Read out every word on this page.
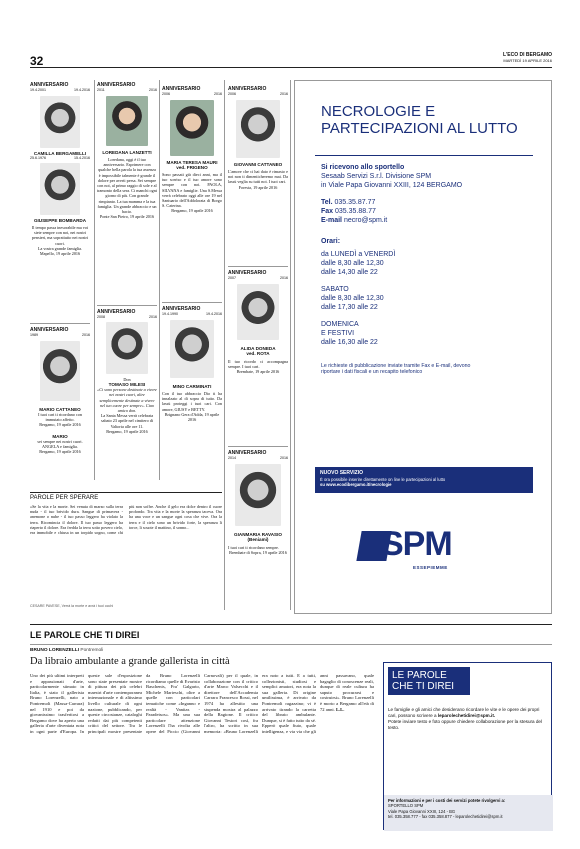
32	L'ECO DI BERGAMO
MARTEDÌ 19 APRILE 2016
ANNIVERSARIO
19.4.2001	19.4.2016
CAMILLA BERGAMELLI
25.6.1976	15.4.2016
GIUSEPPE BOMBARDA
Il tempo passa inesorabile ma voi siete sempre con noi, nei nostri pensieri, ma soprattutto nei nostri cuori.
La vostra grande famiglia.
Mapello, 19 aprile 2016
ANNIVERSARIO
1989	2016
MARIO CATTANEO
I tuoi cari ti ricordano con immutato affetto.
Bergamo, 19 aprile 2016
MARIO
sei sempre nei nostri cuori. ANGELA e famiglia.
Bergamo, 19 aprile 2016
ANNIVERSARIO
2011	2016
LOREDANA LANZETTI
Loredana, oggi è il tuo anniversario. Esprimere con qualche bella parola la tua assenza è impossibile talmente è grande il dolore per averti persa. Sei sempre con noi, al primo raggio di sole e al tramonto della sera. Ci manchi ogni giorno di più. Con grande rimpianto. La tua mamma e la tua famiglia. Un grande abbraccio e un bacio.
Ponte San Pietro, 19 aprile 2016
ANNIVERSARIO
2008	2016
Don
TOMASO MILESI
«Ci sono persone destinate a vivere nei nostri cuori, altre semplicemente destinate a vivere nel tuo cuore per sempre». Ciao amico don.
La Santa Messa verrà celebrata sabato 23 aprile nel cimitero di Valtorta alle ore 11.
Bergamo, 19 aprile 2016
ANNIVERSARIO
2006	2016
MARIA TERESA MAURI
ved. FRIGENO
Sono passati già dieci anni, ma il tuo sorriso e il tuo amore sono sempre con noi. PAOLA, SILVANA e famiglie. Una S.Messa verrà celebrato oggi alle ore 19 nel Santuario dell'Addolorata di Borgo S. Caterina.
Bergamo, 19 aprile 2016
ANNIVERSARIO
19.4.1990	19.4.2016
MINO CARMINATI
Con il tuo abbraccio Dio ti ha innalzato al di sopra di tutto. Da lassù proteggi i tuoi cari. Con amore, GIUSY e BETTY.
Brignano Gera d'Adda, 19 aprile 2016
ANNIVERSARIO
2006	2016
GIOVANNI CATTANEO
L'amore che ci hai dato è rimasto e noi non ti dimenticheremo mai. Da lassù veglia su tutti noi. I tuoi cari.
Foresta, 19 aprile 2016
ANNIVERSARIO
2007	2016
ALIDA DONEDA
ved. ROTA
Il tuo ricordo ci accompagna sempre. I tuoi cari.
Brembate, 19 aprile 2016
ANNIVERSARIO
2014	2016
GIANMARIA RAVASIO
(Beniami)
I tuoi cari ti ricordano sempre.
Brembate di Sopra, 19 aprile 2016
PAROLE PER SPERARE
«Se la vita e la morte. Sei venuta di marzo sulla terra nuda - il tuo brivido dura. Sangue di primavera - anemone o nube - il tuo passo leggero ha violato la terra. Ricomincia il dolore. Il tuo passo leggero ha riaperto il dolore. Era fredda la terra sotto povero cielo, era immobile e chiusa in un torpido sogno, come chi più non soffre. Anche il gelo era dolce dentro il cuore profondo. Tra vita e la morte la speranza taceva. Ora ha una voce e un sangue ogni cosa che vive. Ora la terra e il cielo sono un brivido forte, la speranza li torce, li scuote il mattino, il sonno...
CESARE PAVESE, Verrà la morte e avrà i tuoi occhi
NECROLOGIE E PARTECIPAZIONI AL LUTTO
Si ricevono allo sportello
Sesaab Servizi S.r.l. Divisione SPM
in Viale Papa Giovanni XXIII, 124 BERGAMO
Tel. 035.35.87.77
Fax 035.35.88.77
E-mail necro@spm.it
Orari:
da LUNEDÌ a VENERDÌ
dalle 8,30 alle 12,30
dalle 14,30 alle 22
SABATO
dalle 8,30 alle 12,30
dalle 17,30 alle 22
DOMENICA
E FESTIVI
dalle 16,30 alle 22
Le richieste di pubblicazione inviate tramite Fax e E-mail, devono riportare i dati fiscali e un recapito telefonico
NUOVO SERVIZIO
È ora possibile inserire direttamente on line le partecipazioni al lutto
su www.ecodibergamo.it/necrologie
SPM
ESSEPIEMME
LE PAROLE CHE TI DIREI
BRUNO LORENZELLI Pontremoli
Da libraio ambulante a grande gallerista in città
Uno dei più ultimi interpreti e appassionati d'arte, particolarmente stimato in Italia, è stato il gallerista Bruno Lorenzelli, nato a Pontremoli (Massa-Carrara) nel 1910 e poi da giovanissimo trasferitosi a Bergamo dove ha aperto una galleria d'arte diventata nota in ogni parte d'Europa. In queste sale d'esposizione sono state presentate mostre di pittura dei più celebri maestri d'arte contemporanea internazionale e di altissimo livello culturale di ogni nazione, pubblicando, per queste circostanze, cataloghi redatti dai più competenti critici del settore. Tra le principali mostre presentate da Bruno Lorenzelli ricordiamo quelle di Evaristo Baschenis, Fra' Galgario, Michele Marieschi, oltre a quelle con particolari tematiche come «Inganno e realtà - Vanitas - Paradeisos». Ma una sua particolare attenzione Lorenzelli l'ha rivolta alle opere del Piccio (Giovanni Carnovali) per il quale, in collaborazione con il critico d'arte Marco Valsecchi e il direttore dell'Accademia Carrara Francesco Rossi, nel 1974 ha allestito una stupenda mostra al palazzo della Ragione. Il critico Giovanni Testori così, fra l'altro, ha scritto in sua memoria: «Bruno Lorenzelli era noto a tutti. E a tutti, collezionisti, studiosi e semplici amatori, era nota la sua galleria. Di origine umilissima, è arrivato da Pontremoli ragazzino; vi è arrivato tirando la carretta del libraio ambulante. Dunque, si è fatto tutto da sé. Epperò quale fiuto, quale intelligenza, e via via che gli anni passavano, quale bagaglio di conoscenze reali, dunque di reale cultura ha saputo procurarsi e costruirsi». Bruno Lorenzelli è morto a Bergamo all'età di 72 anni. L.L.
LE PAROLE CHE TI DIREI
Le famiglie e gli amici che desiderano ricordare le vite e le opere dei propri cari, possono scrivere a leparolechetidirei@spm.it.
Potete inviare testo e foto oppure chiedere collaborazione per la stesura del testo.
Per informazioni e per i costi dei servizi potete rivolgervi a:
SPORTELLO SPM
Viale Papa Giovanni XXIII, 124 - BG
tel. 035.358.777 - fax 035.358.877 - leparolechetidirei@spm.it
